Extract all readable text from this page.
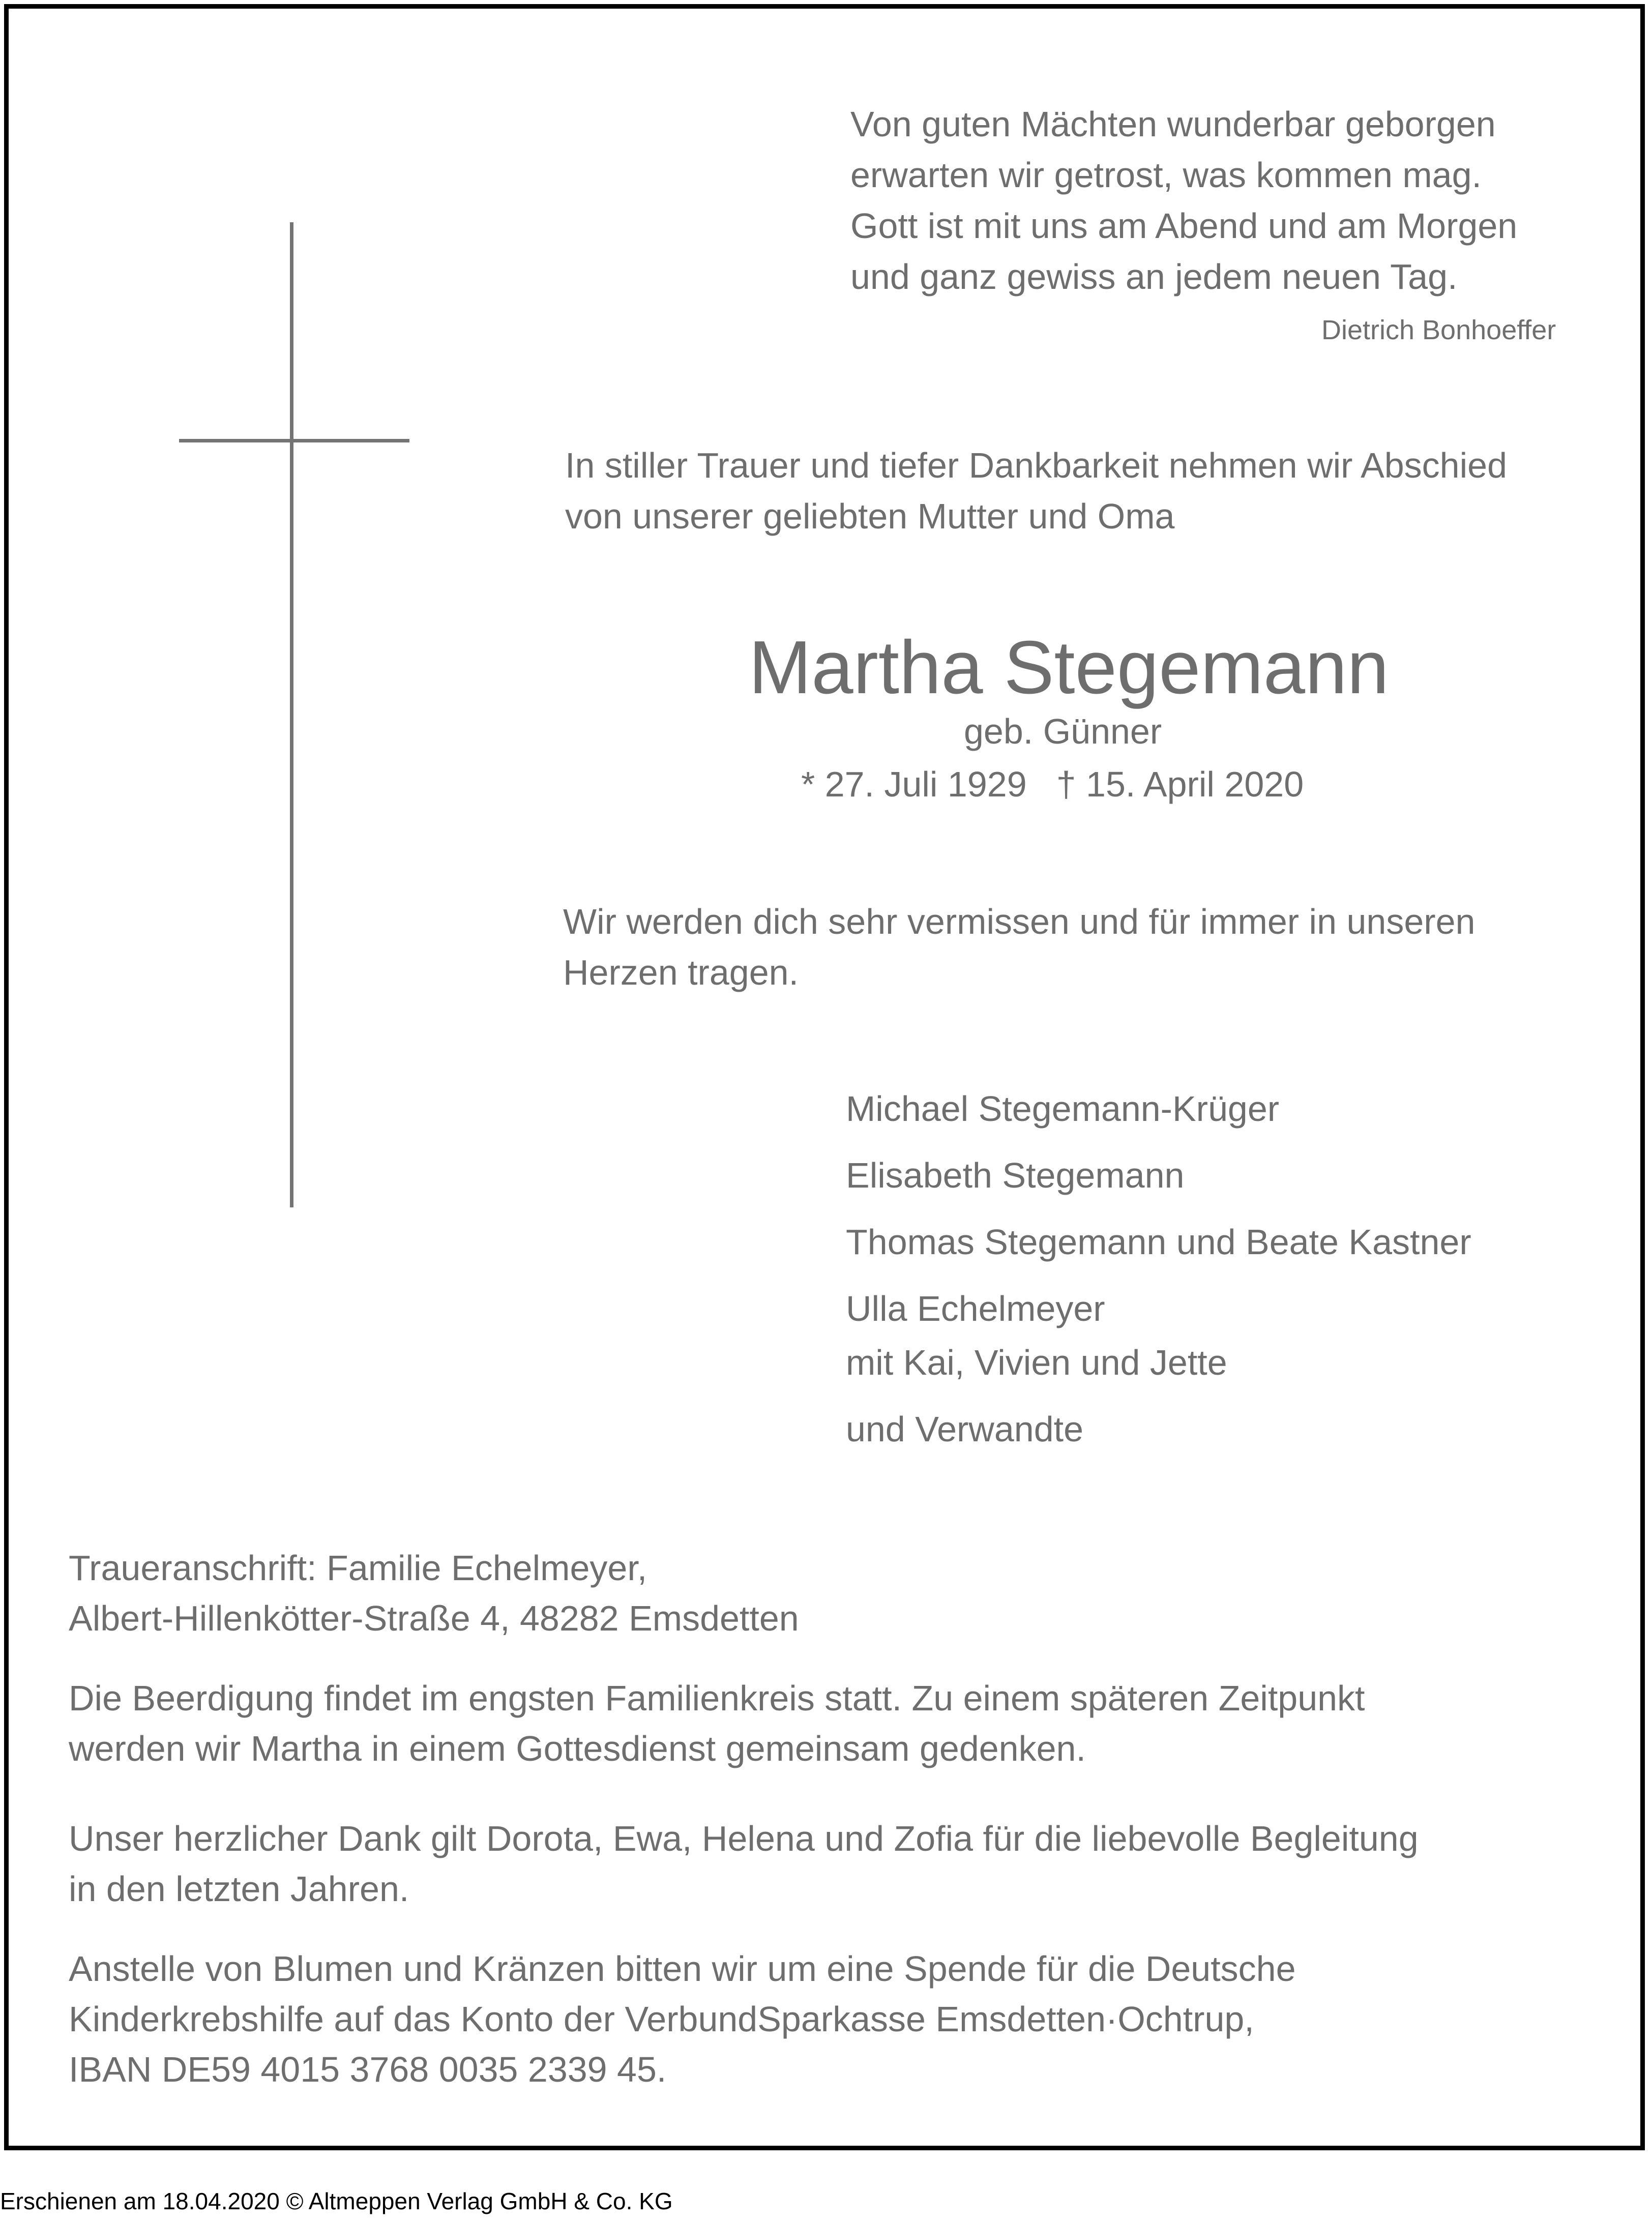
Von guten Mächten wunderbar geborgen
erwarten wir getrost, was kommen mag.
Gott ist mit uns am Abend und am Morgen
und ganz gewiss an jedem neuen Tag.
Dietrich Bonhoeffer
In stiller Trauer und tiefer Dankbarkeit nehmen wir Abschied
von unserer geliebten Mutter und Oma
Martha Stegemann
geb. Günner
* 27. Juli 1929 † 15. April 2020
Wir werden dich sehr vermissen und für immer in unseren
Herzen tragen.
Michael Stegemann-Krüger
Elisabeth Stegemann
Thomas Stegemann und Beate Kastner
Ulla Echelmeyer
mit Kai, Vivien und Jette
und Verwandte
Traueranschrift: Familie Echelmeyer,
Albert-Hillenkötter-Straße 4, 48282 Emsdetten
Die Beerdigung findet im engsten Familienkreis statt. Zu einem späteren Zeitpunkt
werden wir Martha in einem Gottesdienst gemeinsam gedenken.
Unser herzlicher Dank gilt Dorota, Ewa, Helena und Zofia für die liebevolle Begleitung
in den letzten Jahren.
Anstelle von Blumen und Kränzen bitten wir um eine Spende für die Deutsche
Kinderkrebshilfe auf das Konto der VerbundSparkasse Emsdetten·Ochtrup,
IBAN DE59 4015 3768 0035 2339 45.
Erschienen am 18.04.2020 © Altmeppen Verlag GmbH & Co. KG
